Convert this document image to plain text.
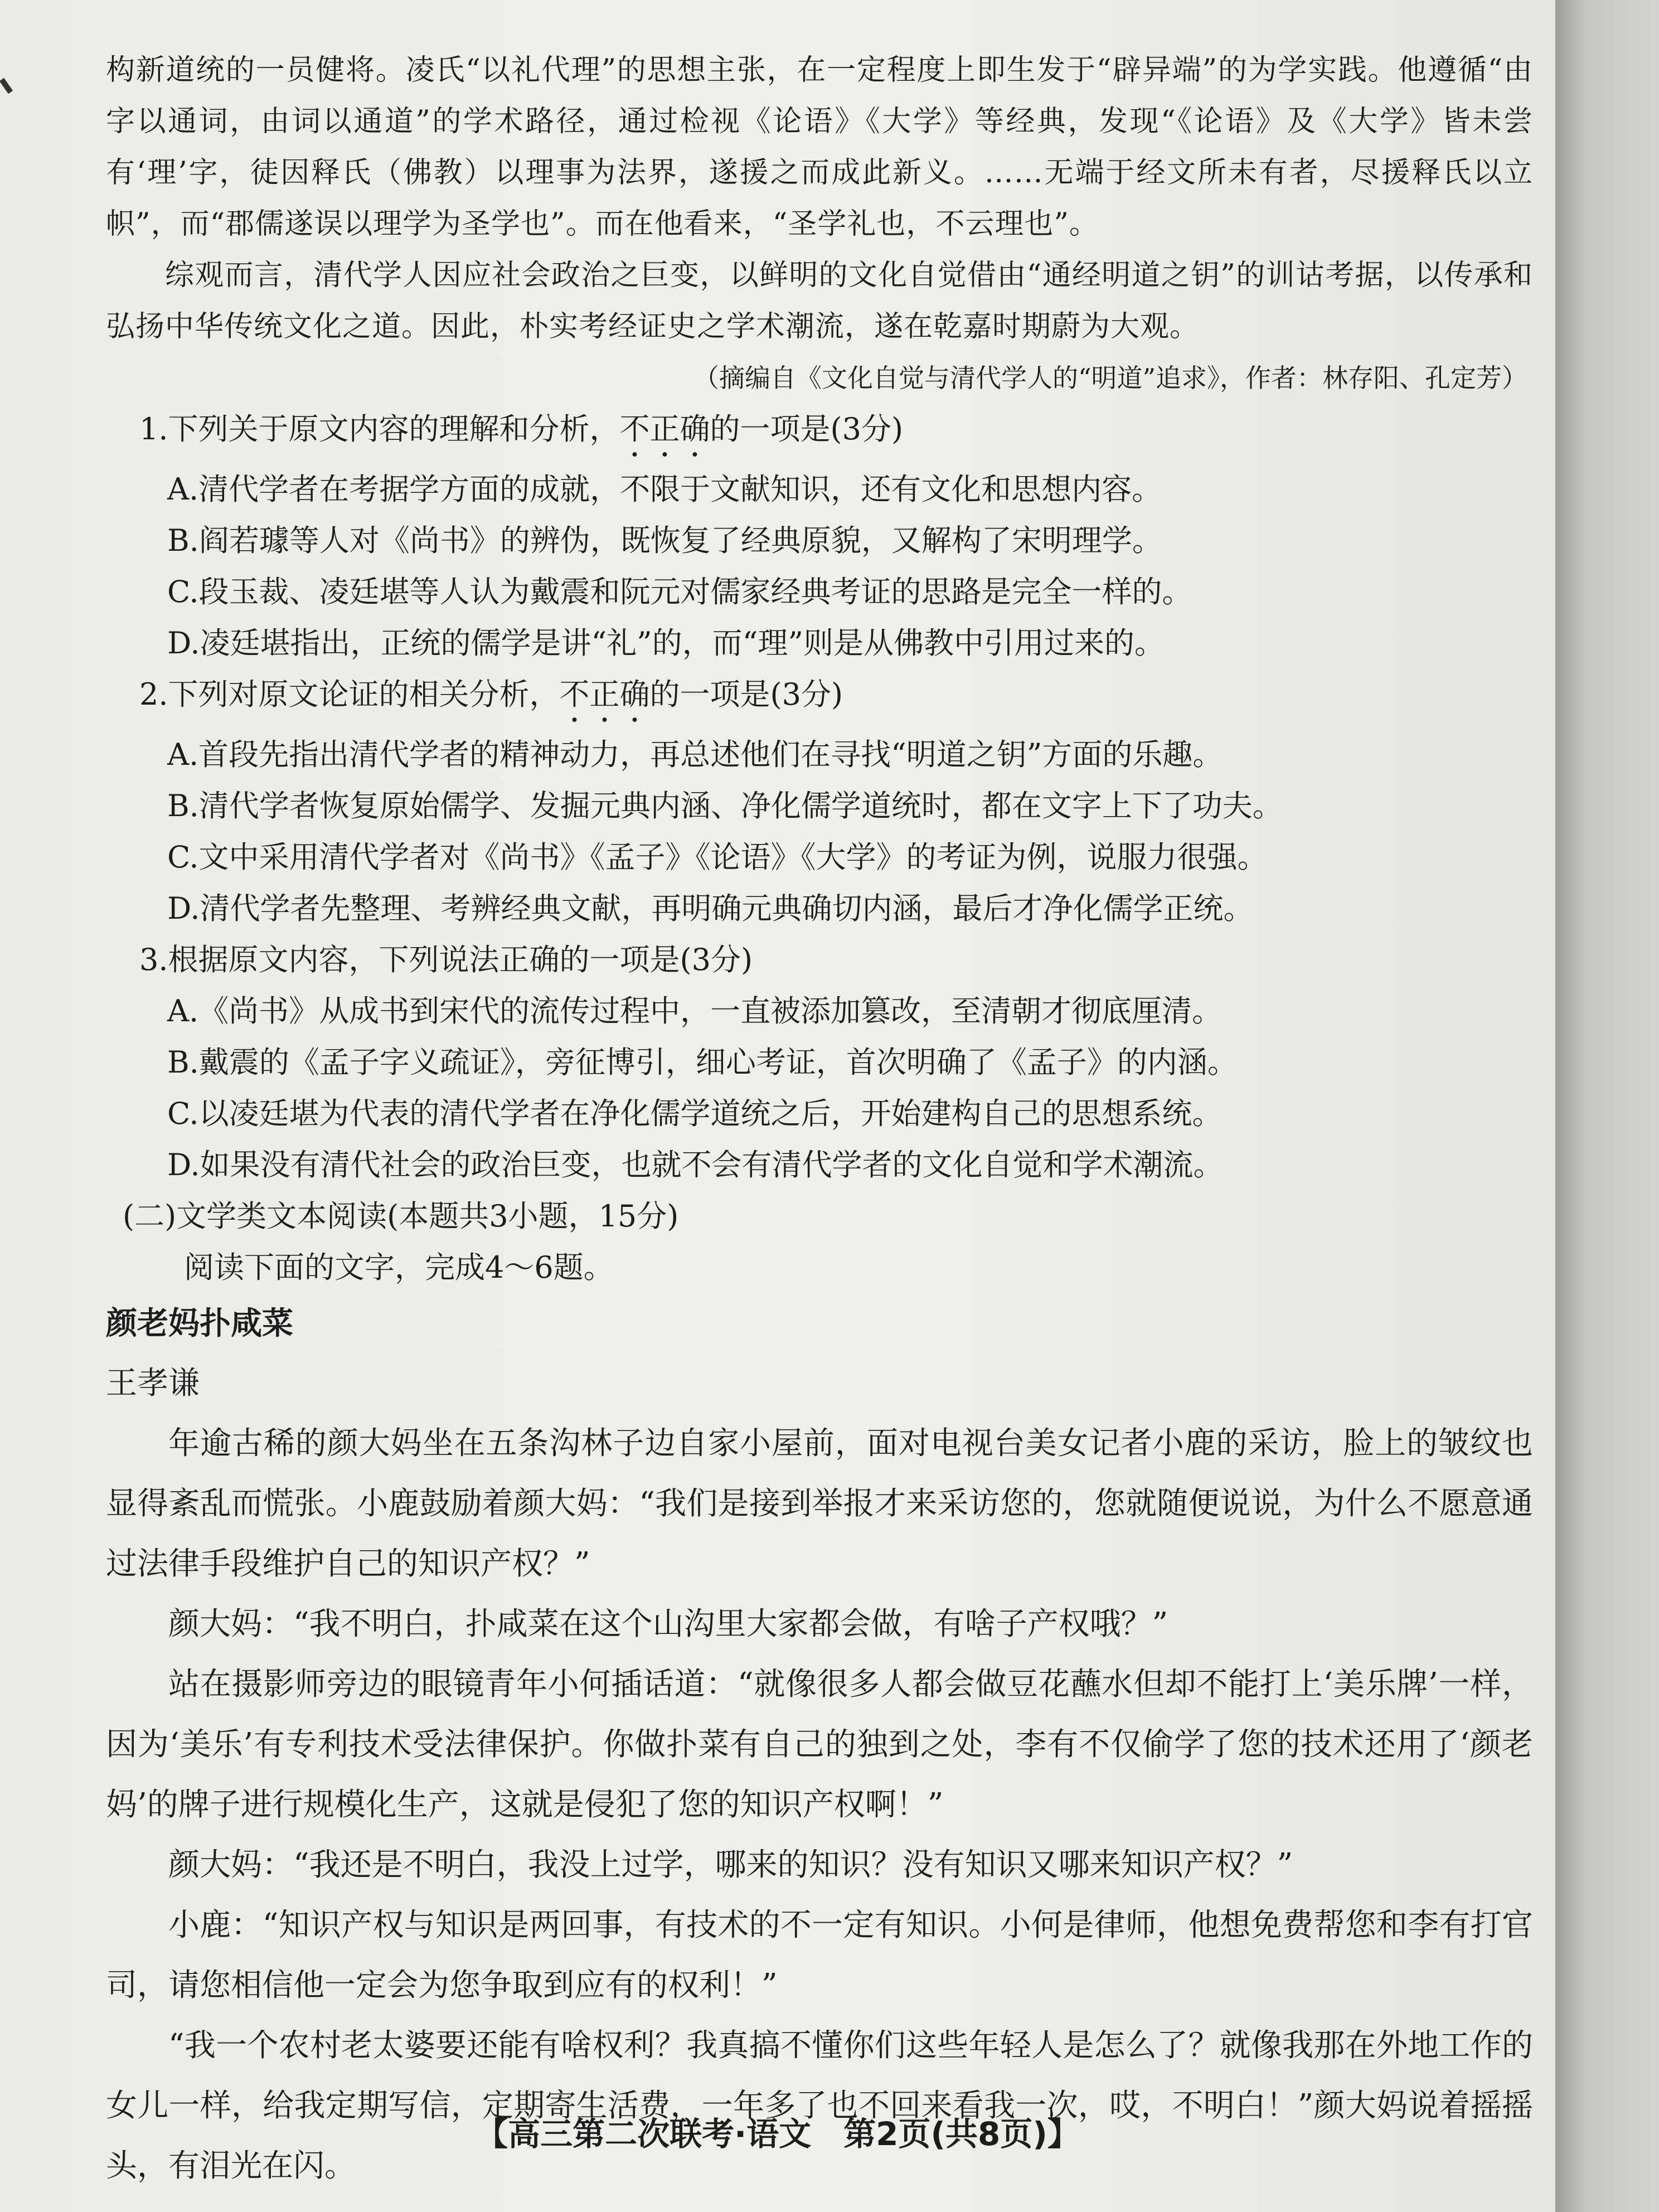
构新道统的一员健将。凌氏“以礼代理”的思想主张，在一定程度上即生发于“辟异端”的为学实践。他遵循“由字以通词，由词以通道”的学术路径，通过检视《论语》《大学》等经典，发现“《论语》及《大学》皆未尝有‘理’字，徒因释氏（佛教）以理事为法界，遂援之而成此新义。……无端于经文所未有者，尽援释氏以立帜”，而“郡儒遂误以理学为圣学也”。而在他看来，“圣学礼也，不云理也”。

综观而言，清代学人因应社会政治之巨变，以鲜明的文化自觉借由“通经明道之钥”的训诂考据，以传承和弘扬中华传统文化之道。因此，朴实考经证史之学术潮流，遂在乾嘉时期蔚为大观。

（摘编自《文化自觉与清代学人的“明道”追求》，作者：林存阳、孔定芳）

1.下列关于原文内容的理解和分析，不正确的一项是(3分)

A.清代学者在考据学方面的成就，不限于文献知识，还有文化和思想内容。

B.阎若璩等人对《尚书》的辨伪，既恢复了经典原貌，又解构了宋明理学。

C.段玉裁、凌廷堪等人认为戴震和阮元对儒家经典考证的思路是完全一样的。

D.凌廷堪指出，正统的儒学是讲“礼”的，而“理”则是从佛教中引用过来的。

2.下列对原文论证的相关分析，不正确的一项是(3分)

A.首段先指出清代学者的精神动力，再总述他们在寻找“明道之钥”方面的乐趣。

B.清代学者恢复原始儒学、发掘元典内涵、净化儒学道统时，都在文字上下了功夫。

C.文中采用清代学者对《尚书》《孟子》《论语》《大学》的考证为例，说服力很强。

D.清代学者先整理、考辨经典文献，再明确元典确切内涵，最后才净化儒学正统。

3.根据原文内容，下列说法正确的一项是(3分)

A.《尚书》从成书到宋代的流传过程中，一直被添加篡改，至清朝才彻底厘清。

B.戴震的《孟子字义疏证》，旁征博引，细心考证，首次明确了《孟子》的内涵。

C.以凌廷堪为代表的清代学者在净化儒学道统之后，开始建构自己的思想系统。

D.如果没有清代社会的政治巨变，也就不会有清代学者的文化自觉和学术潮流。

(二)文学类文本阅读(本题共3小题，15分)

阅读下面的文字，完成4～6题。

颜老妈扑咸菜

王孝谦

年逾古稀的颜大妈坐在五条沟林子边自家小屋前，面对电视台美女记者小鹿的采访，脸上的皱纹也显得紊乱而慌张。小鹿鼓励着颜大妈：“我们是接到举报才来采访您的，您就随便说说，为什么不愿意通过法律手段维护自己的知识产权？”

颜大妈：“我不明白，扑咸菜在这个山沟里大家都会做，有啥子产权哦？”

站在摄影师旁边的眼镜青年小何插话道：“就像很多人都会做豆花蘸水但却不能打上‘美乐牌’一样，因为‘美乐’有专利技术受法律保护。你做扑菜有自己的独到之处，李有不仅偷学了您的技术还用了‘颜老妈’的牌子进行规模化生产，这就是侵犯了您的知识产权啊！”

颜大妈：“我还是不明白，我没上过学，哪来的知识？没有知识又哪来知识产权？”

小鹿：“知识产权与知识是两回事，有技术的不一定有知识。小何是律师，他想免费帮您和李有打官司，请您相信他一定会为您争取到应有的权利！”

“我一个农村老太婆要还能有啥权利？我真搞不懂你们这些年轻人是怎么了？就像我那在外地工作的女儿一样，给我定期写信，定期寄生活费，一年多了也不回来看我一次，哎，不明白！”颜大妈说着摇摇头，有泪光在闪。

【高三第二次联考·语文　第2页(共8页)】
